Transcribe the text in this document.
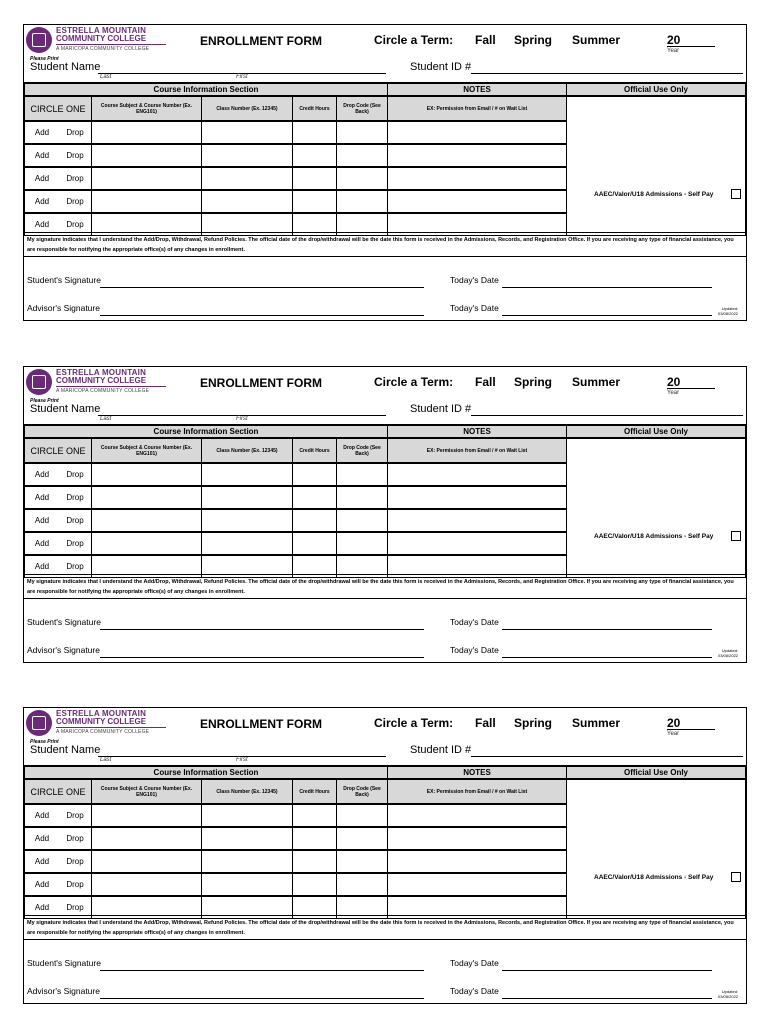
ESTRELLA MOUNTAIN
COMMUNITY COLLEGE
A MARICOPA COMMUNITY COLLEGE
ENROLLMENT FORM	Circle a Term: Fall Spring Summer	20
Year
Please Print
Student Name
Last	First
Student ID #
Course Information Section	NOTES	Official Use Only
CIRCLE ONE	Course Subject & Course Number (Ex. ENG101)	Class Number (Ex. 12345)	Credit Hours	Drop Code (See Back)	EX: Permission from Email / # on Wait List
Add	Drop
Add	Drop
Add	Drop
Add	Drop
Add	Drop
AAEC/Valor/U18 Admissions - Self Pay
My signature indicates that I understand the Add/Drop, Withdrawal, Refund Policies. The official date of the drop/withdrawal will be the date this form is received in the Admissions, Records, and Registration Office. If you are receiving any type of financial assistance, you are responsible for notifying the appropriate office(s) of any changes in enrollment.
Student's Signature	Today's Date
Advisor's Signature	Today's Date	Updated:
03/08/2022
ESTRELLA MOUNTAIN
COMMUNITY COLLEGE
A MARICOPA COMMUNITY COLLEGE
ENROLLMENT FORM	Circle a Term: Fall Spring Summer	20
Year
Please Print
Student Name
Last	First
Student ID #
Course Information Section	NOTES	Official Use Only
CIRCLE ONE	Course Subject & Course Number (Ex. ENG101)	Class Number (Ex. 12345)	Credit Hours	Drop Code (See Back)	EX: Permission from Email / # on Wait List
Add	Drop
Add	Drop
Add	Drop
Add	Drop
Add	Drop
AAEC/Valor/U18 Admissions - Self Pay
My signature indicates that I understand the Add/Drop, Withdrawal, Refund Policies. The official date of the drop/withdrawal will be the date this form is received in the Admissions, Records, and Registration Office. If you are receiving any type of financial assistance, you are responsible for notifying the appropriate office(s) of any changes in enrollment.
Student's Signature	Today's Date
Advisor's Signature	Today's Date	Updated:
03/08/2022
ESTRELLA MOUNTAIN
COMMUNITY COLLEGE
A MARICOPA COMMUNITY COLLEGE
ENROLLMENT FORM	Circle a Term: Fall Spring Summer	20
Year
Please Print
Student Name
Last	First
Student ID #
Course Information Section	NOTES	Official Use Only
CIRCLE ONE	Course Subject & Course Number (Ex. ENG101)	Class Number (Ex. 12345)	Credit Hours	Drop Code (See Back)	EX: Permission from Email / # on Wait List
Add	Drop
Add	Drop
Add	Drop
Add	Drop
Add	Drop
AAEC/Valor/U18 Admissions - Self Pay
My signature indicates that I understand the Add/Drop, Withdrawal, Refund Policies. The official date of the drop/withdrawal will be the date this form is received in the Admissions, Records, and Registration Office. If you are receiving any type of financial assistance, you are responsible for notifying the appropriate office(s) of any changes in enrollment.
Student's Signature	Today's Date
Advisor's Signature	Today's Date	Updated:
03/08/2022
